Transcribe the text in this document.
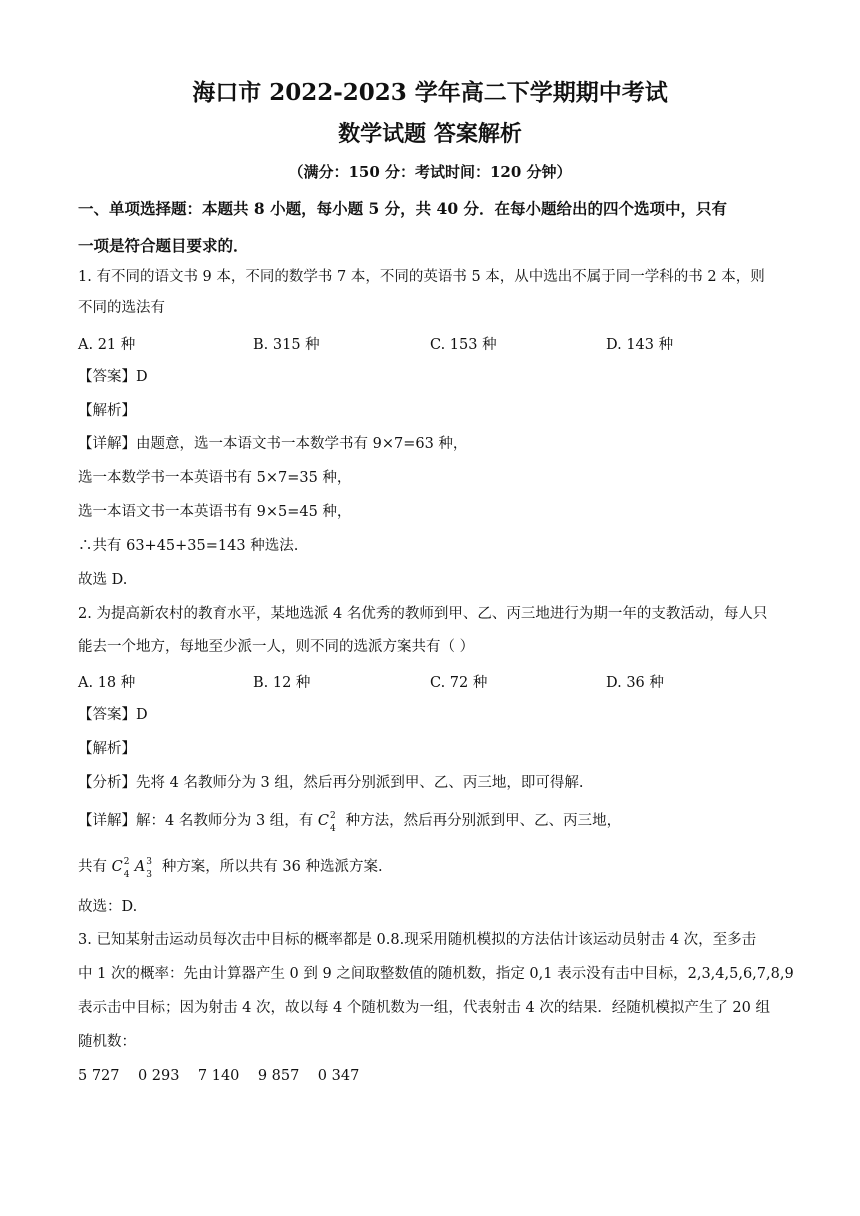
海口市 2022-2023 学年高二下学期期中考试
数学试题 答案解析
（满分：150 分：考试时间：120 分钟）
一、单项选择题：本题共 8 小题，每小题 5 分，共 40 分．在每小题给出的四个选项中，只有
一项是符合题目要求的．
1. 有不同的语文书 9 本，不同的数学书 7 本，不同的英语书 5 本，从中选出不属于同一学科的书 2 本，则
不同的选法有
A. 21 种	B. 315 种	C. 153 种	D. 143 种
【答案】D
【解析】
【详解】由题意，选一本语文书一本数学书有 9×7=63 种，
选一本数学书一本英语书有 5×7=35 种，
选一本语文书一本英语书有 9×5=45 种，
∴共有 63+45+35=143 种选法.
故选 D.
2. 为提高新农村的教育水平，某地选派 4 名优秀的教师到甲、乙、丙三地进行为期一年的支教活动，每人只
能去一个地方，每地至少派一人，则不同的选派方案共有（ ）
A. 18 种	B. 12 种	C. 72 种	D. 36 种
【答案】D
【解析】
【分析】先将 4 名教师分为 3 组，然后再分别派到甲、乙、丙三地，即可得解.
【详解】解：4 名教师分为 3 组，有 C 2
4 种方法，然后再分别派到甲、乙、丙三地，
共有 C 2
4 A 3
3 种方案，所以共有 36 种选派方案.
故选：D.
3. 已知某射击运动员每次击中目标的概率都是 0.8.现采用随机模拟的方法估计该运动员射击 4 次，至多击
中 1 次的概率：先由计算器产生 0 到 9 之间取整数值的随机数，指定 0,1 表示没有击中目标，2,3,4,5,6,7,8,9
表示击中目标；因为射击 4 次，故以每 4 个随机数为一组，代表射击 4 次的结果．经随机模拟产生了 20 组
随机数：
5 727    0 293    7 140    9 857    0 347
